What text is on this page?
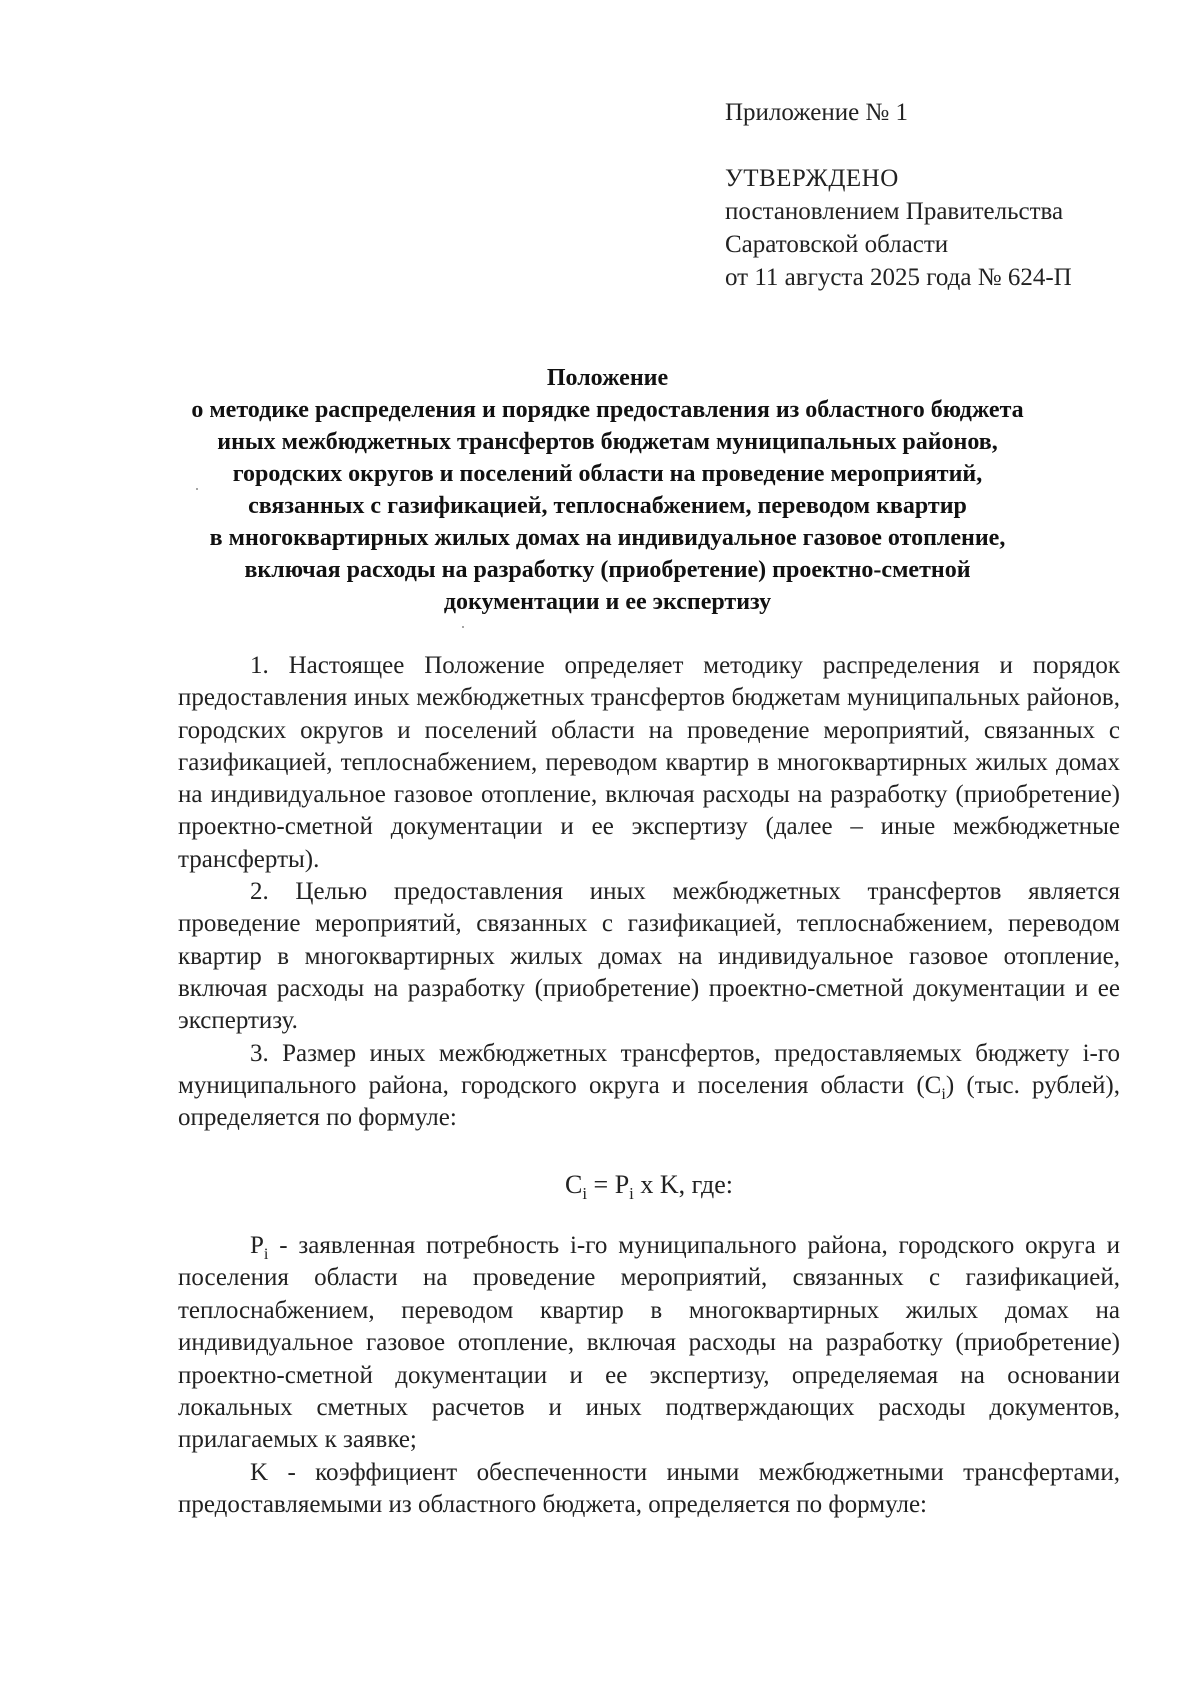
Приложение № 1
УТВЕРЖДЕНО
постановлением Правительства
Саратовской области
от 11 августа 2025 года № 624-П
Положение
о методике распределения и порядке предоставления из областного бюджета
иных межбюджетных трансфертов бюджетам муниципальных районов,
городских округов и поселений области на проведение мероприятий,
связанных с газификацией, теплоснабжением, переводом квартир
в многоквартирных жилых домах на индивидуальное газовое отопление,
включая расходы на разработку (приобретение) проектно-сметной
документации и ее экспертизу

1. Настоящее Положение определяет методику распределения и порядок предоставления иных межбюджетных трансфертов бюджетам муниципальных районов, городских округов и поселений области на проведение мероприятий, связанных с газификацией, теплоснабжением, переводом квартир в многоквартирных жилых домах на индивидуальное газовое отопление, включая расходы на разработку (приобретение) проектно-сметной документации и ее экспертизу (далее – иные межбюджетные трансферты).

2. Целью предоставления иных межбюджетных трансфертов является проведение мероприятий, связанных с газификацией, теплоснабжением, переводом квартир в многоквартирных жилых домах на индивидуальное газовое отопление, включая расходы на разработку (приобретение) проектно-сметной документации и ее экспертизу.

3. Размер иных межбюджетных трансфертов, предоставляемых бюджету i-го муниципального района, городского округа и поселения области $(C_i)$ (тыс. рублей), определяется по формуле:

$C_i = P_i$ x K, где:

$P_i$ - заявленная потребность i-го муниципального района, городского округа и поселения области на проведение мероприятий, связанных с газификацией, теплоснабжением, переводом квартир в многоквартирных жилых домах на индивидуальное газовое отопление, включая расходы на разработку (приобретение) проектно-сметной документации и ее экспертизу, определяемая на основании локальных сметных расчетов и иных подтверждающих расходы документов, прилагаемых к заявке;

K - коэффициент обеспеченности иными межбюджетными трансфертами, предоставляемыми из областного бюджета, определяется по формуле:
